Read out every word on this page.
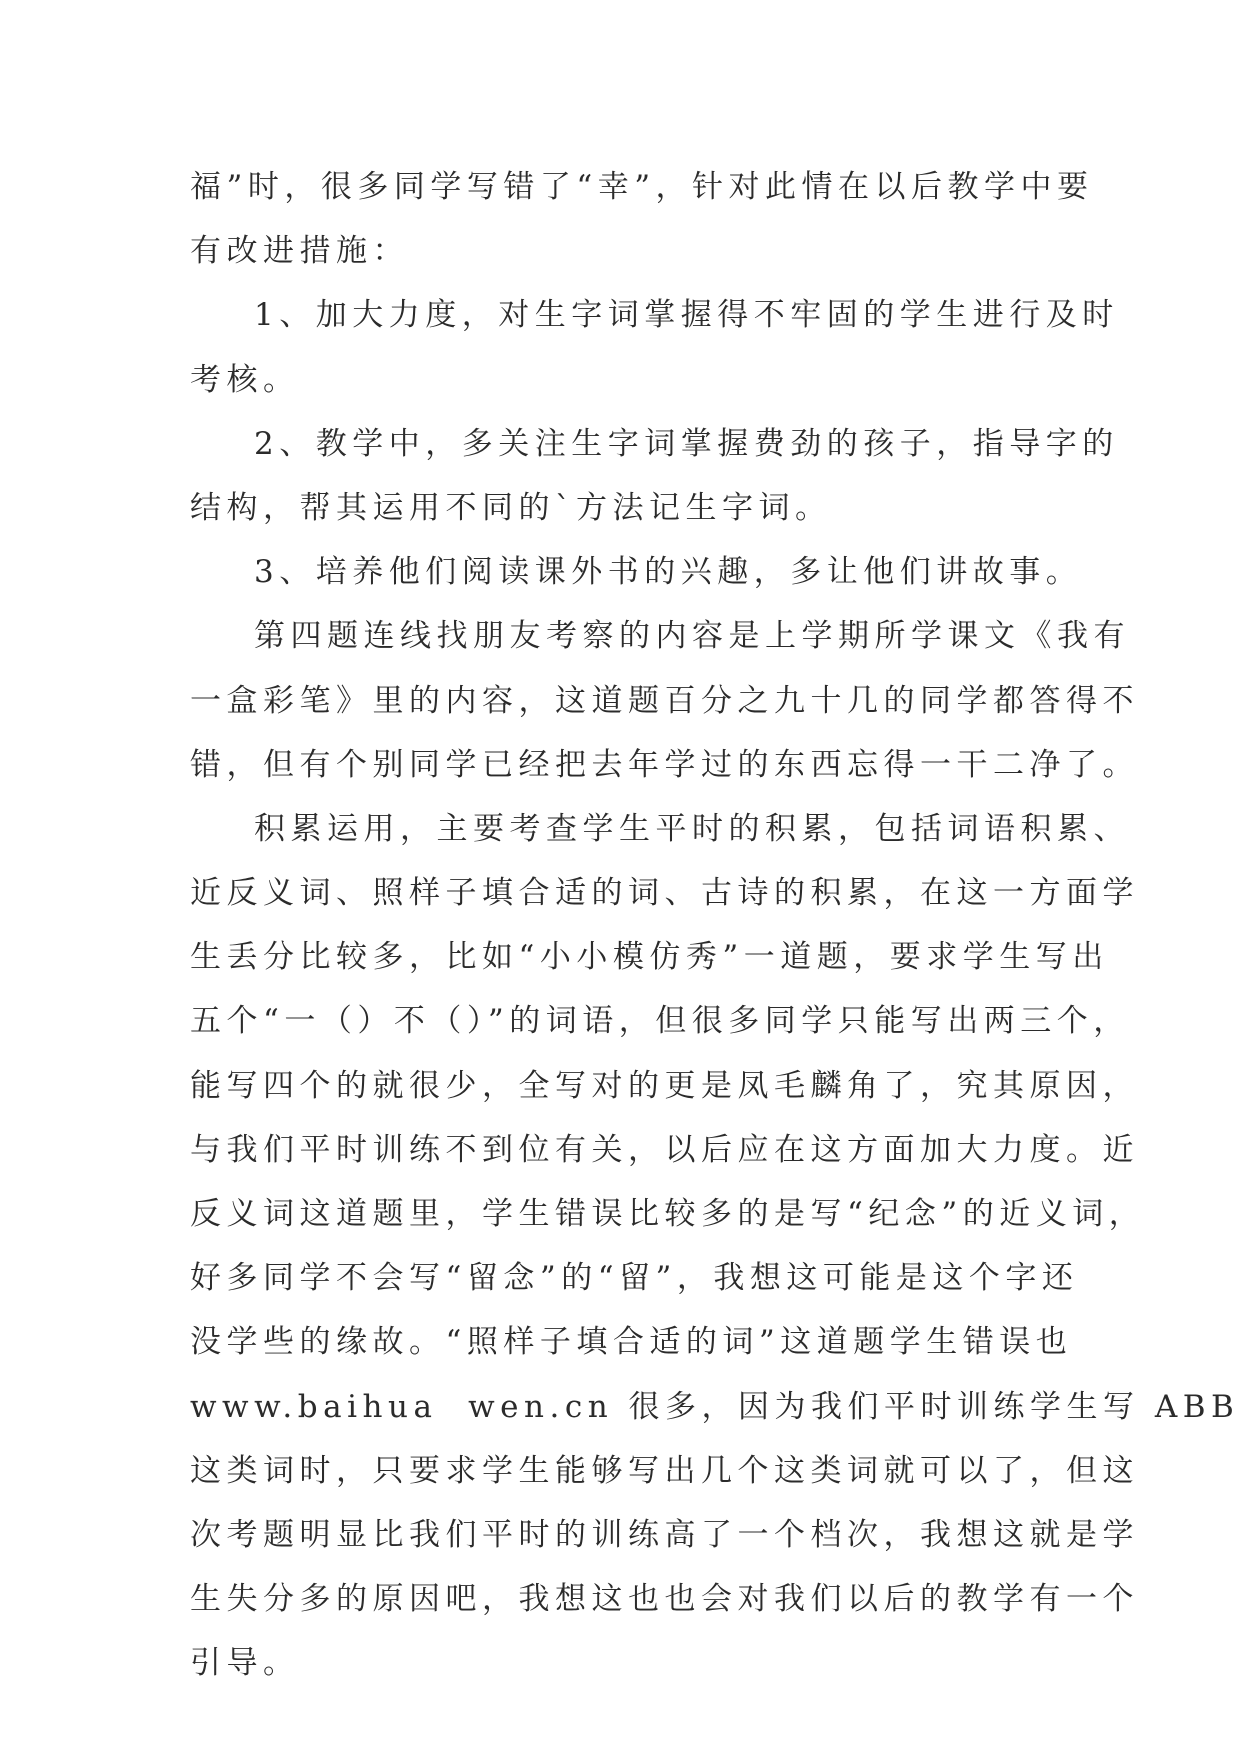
福”时，很多同学写错了“幸”，针对此情在以后教学中要
有改进措施：
1、加大力度，对生字词掌握得不牢固的学生进行及时
考核。
2、教学中，多关注生字词掌握费劲的孩子，指导字的
结构，帮其运用不同的`方法记生字词。
3、培养他们阅读课外书的兴趣，多让他们讲故事。
第四题连线找朋友考察的内容是上学期所学课文《我有
一盒彩笔》里的内容，这道题百分之九十几的同学都答得不
错，但有个别同学已经把去年学过的东西忘得一干二净了。
积累运用，主要考查学生平时的积累，包括词语积累、
近反义词、照样子填合适的词、古诗的积累，在这一方面学
生丢分比较多，比如“小小模仿秀”一道题，要求学生写出
五个“一（）不（）”的词语，但很多同学只能写出两三个，
能写四个的就很少，全写对的更是凤毛麟角了，究其原因，
与我们平时训练不到位有关，以后应在这方面加大力度。近
反义词这道题里，学生错误比较多的是写“纪念”的近义词，
好多同学不会写“留念”的“留”，我想这可能是这个字还
没学些的缘故。“照样子填合适的词”这道题学生错误也
www.baihua  wen.cn 很多，因为我们平时训练学生写 ABB
这类词时，只要求学生能够写出几个这类词就可以了，但这
次考题明显比我们平时的训练高了一个档次，我想这就是学
生失分多的原因吧，我想这也也会对我们以后的教学有一个
引导。
